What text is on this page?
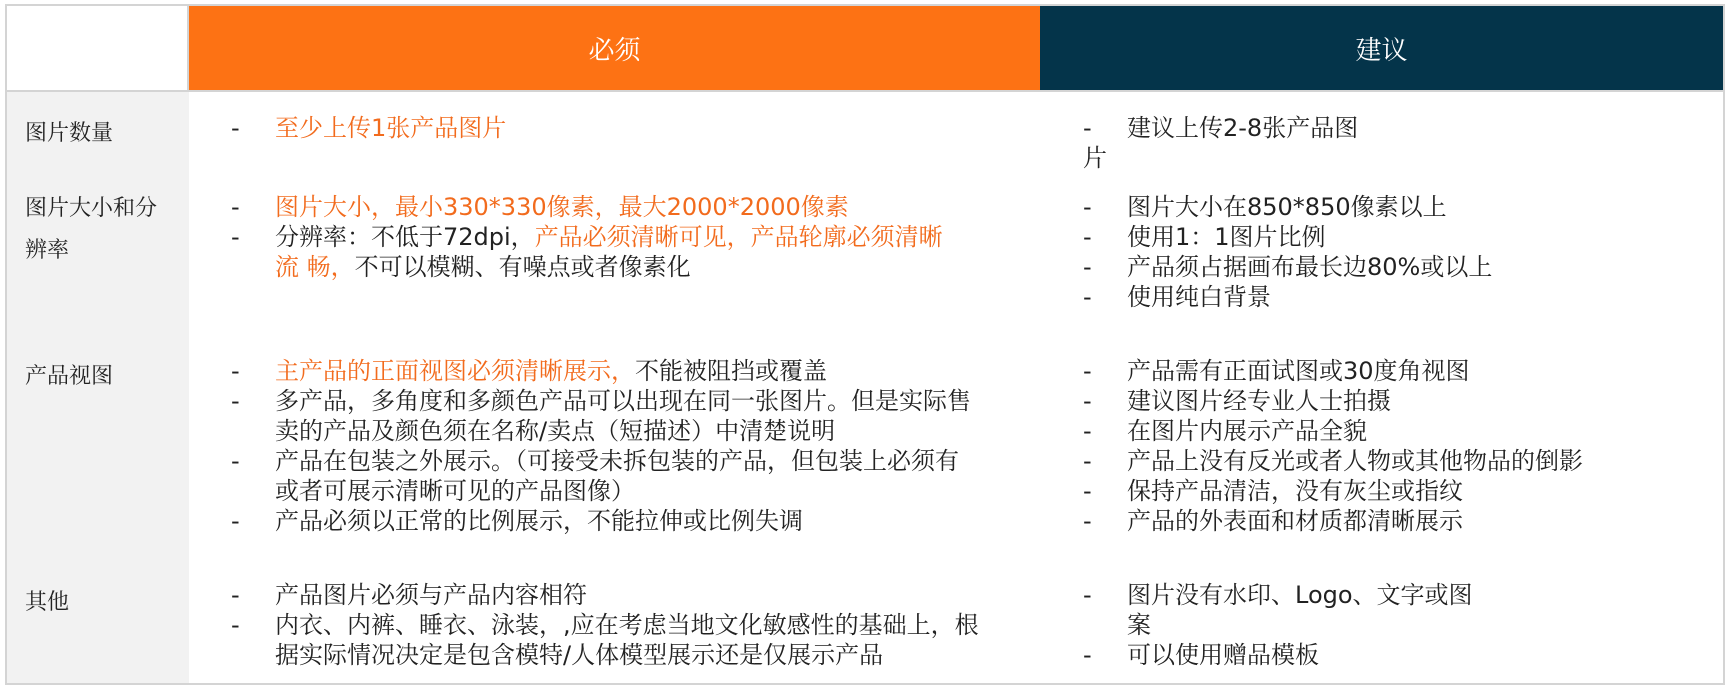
必须	建议
图片数量
图片大小和分辨率
产品视图
其他
- 至少上传1张产品图片	- 建议上传2-8张产品图
片
- 图片大小，最小330*330像素，最大2000*2000像素
- 分辨率：不低于72dpi，产品必须清晰可见，产品轮廓必须清晰
流 畅，不可以模糊、有噪点或者像素化
- 图片大小在850*850像素以上
- 使用1：1图片比例
- 产品须占据画布最长边80%或以上
- 使用纯白背景
- 主产品的正面视图必须清晰展示，不能被阻挡或覆盖
- 多产品，多角度和多颜色产品可以出现在同一张图片。但是实际售
卖的产品及颜色须在名称/卖点（短描述）中清楚说明
- 产品在包装之外展示。（可接受未拆包装的产品，但包装上必须有
或者可展示清晰可见的产品图像）
- 产品必须以正常的比例展示，不能拉伸或比例失调
- 产品需有正面试图或30度角视图
- 建议图片经专业人士拍摄
- 在图片内展示产品全貌
- 产品上没有反光或者人物或其他物品的倒影
- 保持产品清洁，没有灰尘或指纹
- 产品的外表面和材质都清晰展示
- 产品图片必须与产品内容相符
- 内衣、内裤、睡衣、泳装，,应在考虑当地文化敏感性的基础上，根
据实际情况决定是包含模特/人体模型展示还是仅展示产品
- 图片没有水印、Logo、文字或图
案
- 可以使用赠品模板
